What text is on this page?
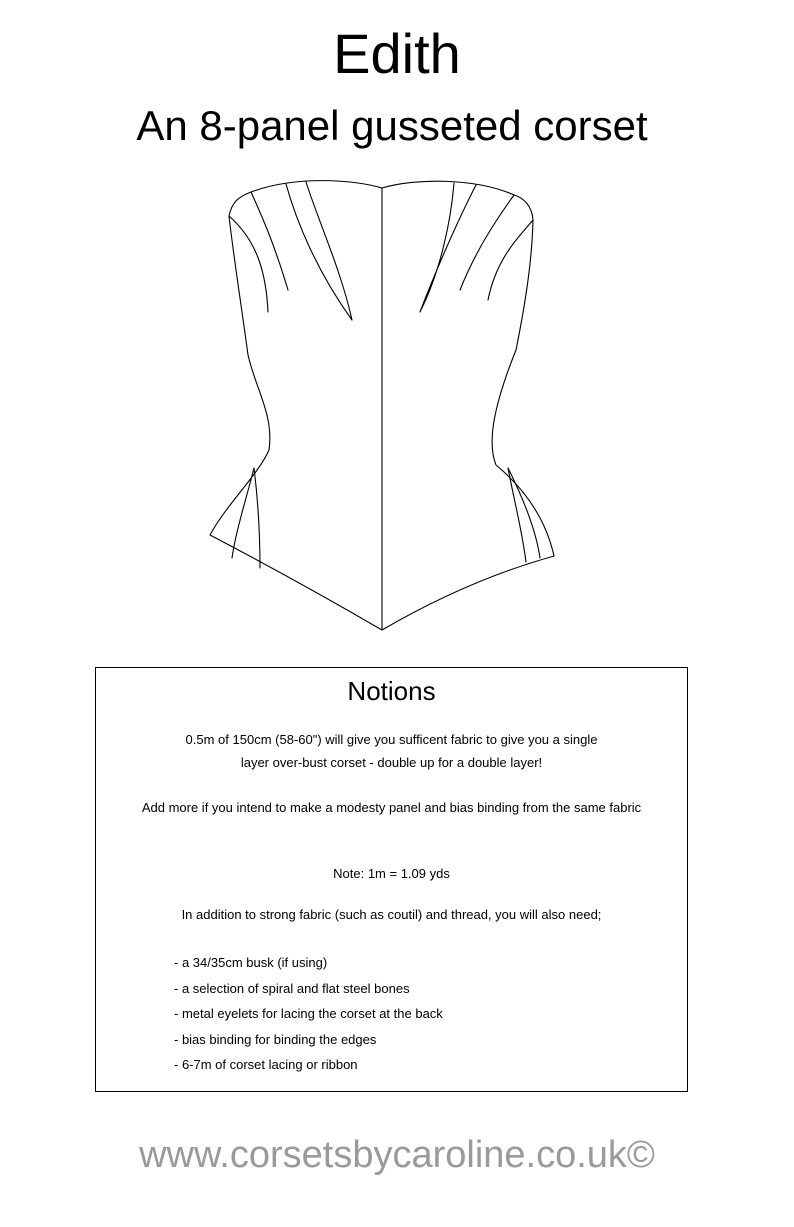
Edith
An 8-panel gusseted corset
Notions
0.5m of 150cm (58-60") will give you sufficent fabric to give you a single
layer over-bust corset - double up for a double layer!
Add more if you intend to make a modesty panel and bias binding from the same fabric
Note: 1m = 1.09 yds
In addition to strong fabric (such as coutil) and thread, you will also need;
- a 34/35cm busk (if using)
- a selection of spiral and flat steel bones
- metal eyelets for lacing the corset at the back
- bias binding for binding the edges
- 6-7m of corset lacing or ribbon
www.corsetsbycaroline.co.uk©
